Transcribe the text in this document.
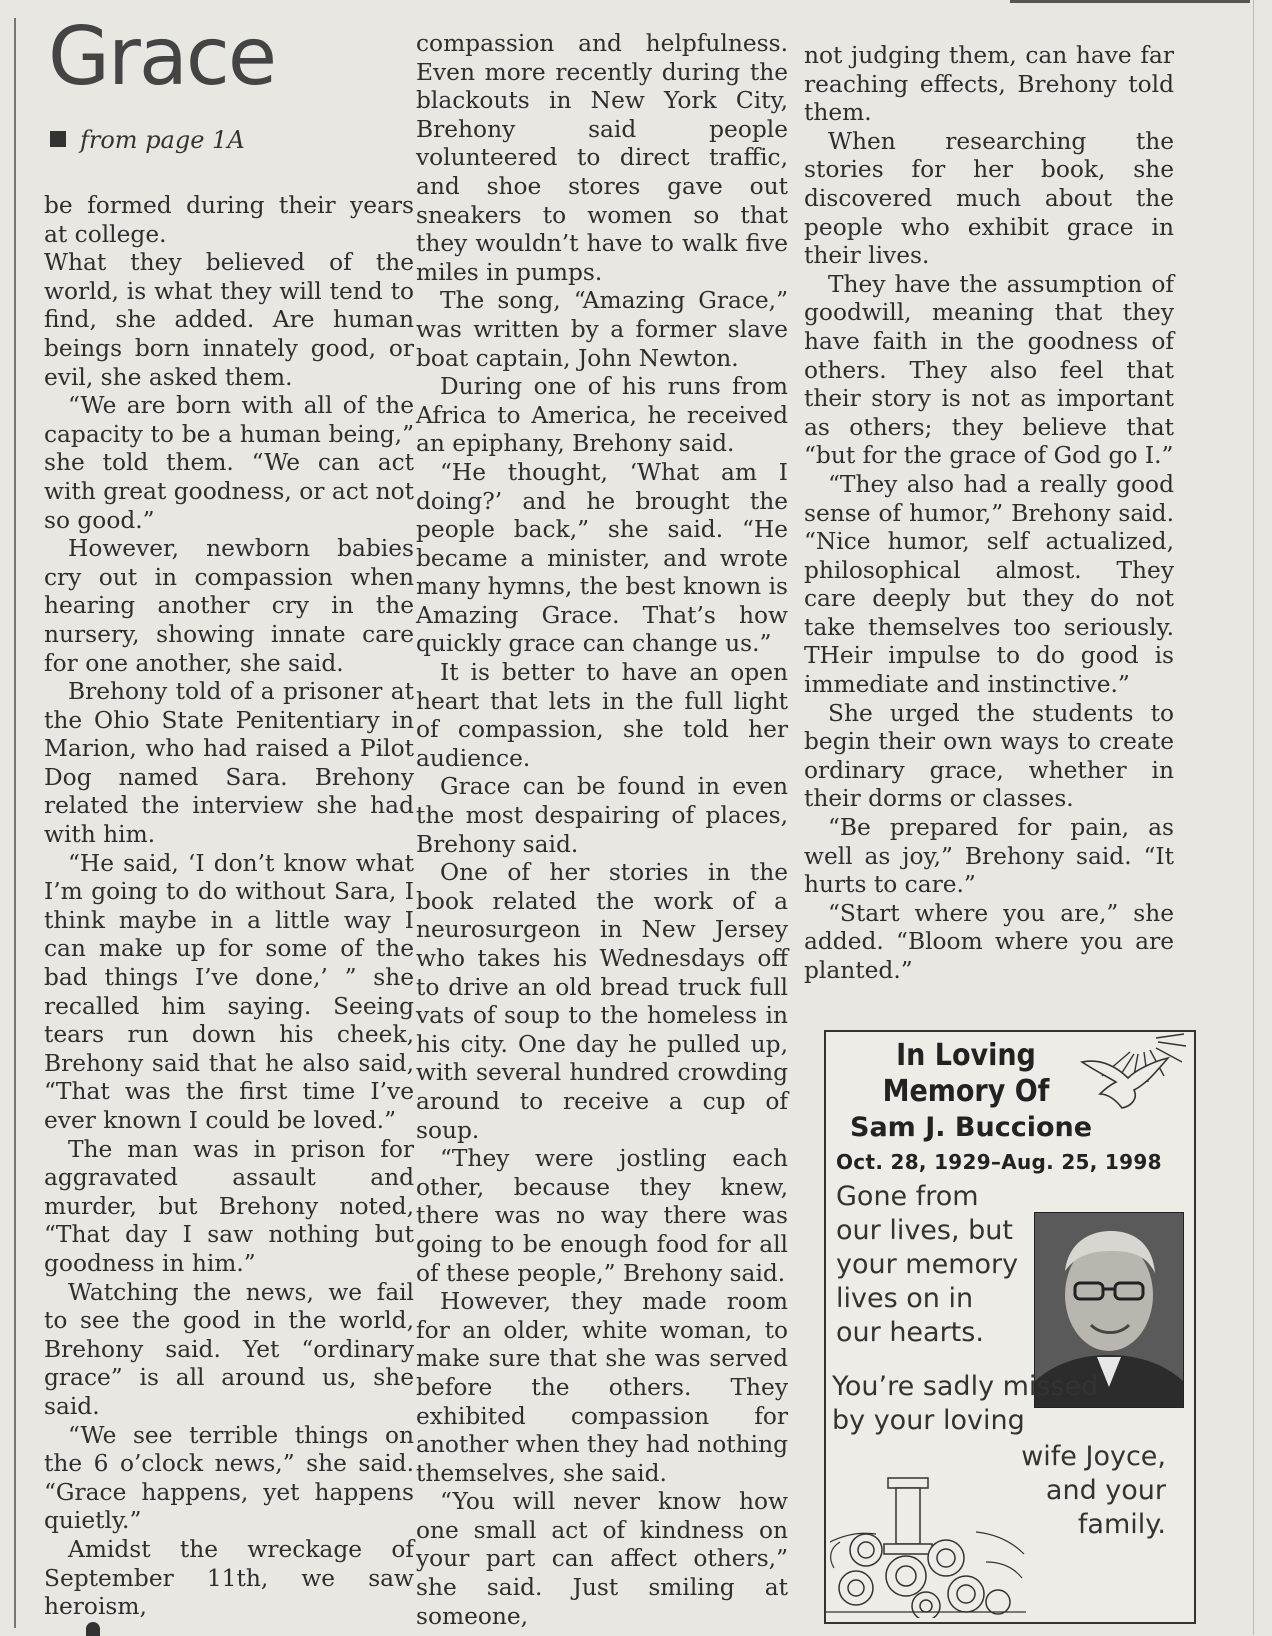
Grace
from page 1A

be formed during their years at college.

What they believed of the world, is what they will tend to find, she added. Are human beings born innately good, or evil, she asked them.

“We are born with all of the capacity to be a human being,” she told them. “We can act with great goodness, or act not so good.”

However, newborn babies cry out in compassion when hearing another cry in the nursery, showing innate care for one another, she said.

Brehony told of a prisoner at the Ohio State Penitentiary in Marion, who had raised a Pilot Dog named Sara. Brehony related the interview she had with him.

“He said, ‘I don’t know what I’m going to do without Sara, I think maybe in a little way I can make up for some of the bad things I’ve done,’ ” she recalled him saying. Seeing tears run down his cheek, Brehony said that he also said, “That was the first time I’ve ever known I could be loved.”

The man was in prison for aggravated assault and murder, but Brehony noted, “That day I saw nothing but goodness in him.”

Watching the news, we fail to see the good in the world, Brehony said. Yet “ordinary grace” is all around us, she said.

“We see terrible things on the 6 o’clock news,” she said. “Grace happens, yet happens quietly.”

Amidst the wreckage of September 11th, we saw heroism,

compassion and helpfulness. Even more recently during the blackouts in New York City, Brehony said people volunteered to direct traffic, and shoe stores gave out sneakers to women so that they wouldn’t have to walk five miles in pumps.

The song, “Amazing Grace,” was written by a former slave boat captain, John Newton.

During one of his runs from Africa to America, he received an epiphany, Brehony said.

“He thought, ‘What am I doing?’ and he brought the people back,” she said. “He became a minister, and wrote many hymns, the best known is Amazing Grace. That’s how quickly grace can change us.”

It is better to have an open heart that lets in the full light of compassion, she told her audience.

Grace can be found in even the most despairing of places, Brehony said.

One of her stories in the book related the work of a neurosurgeon in New Jersey who takes his Wednesdays off to drive an old bread truck full vats of soup to the homeless in his city. One day he pulled up, with several hundred crowding around to receive a cup of soup.

“They were jostling each other, because they knew, there was no way there was going to be enough food for all of these people,” Brehony said.

However, they made room for an older, white woman, to make sure that she was served before the others. They exhibited compassion for another when they had nothing themselves, she said.

“You will never know how one small act of kindness on your part can affect others,” she said. Just smiling at someone,

not judging them, can have far reaching effects, Brehony told them.

When researching the stories for her book, she discovered much about the people who exhibit grace in their lives.

They have the assumption of goodwill, meaning that they have faith in the goodness of others. They also feel that their story is not as important as others; they believe that “but for the grace of God go I.”

“They also had a really good sense of humor,” Brehony said. “Nice humor, self actualized, philosophical almost. They care deeply but they do not take themselves too seriously. THeir impulse to do good is immediate and instinctive.”

She urged the students to begin their own ways to create ordinary grace, whether in their dorms or classes.

“Be prepared for pain, as well as joy,” Brehony said. “It hurts to care.”

“Start where you are,” she added. “Bloom where you are planted.”

In Loving Memory Of
Sam J. Buccione
Oct. 28, 1929–Aug. 25, 1998
Gone from our lives, but your memory lives on in our hearts.
You’re sadly missed by your loving
wife Joyce, and your family.
